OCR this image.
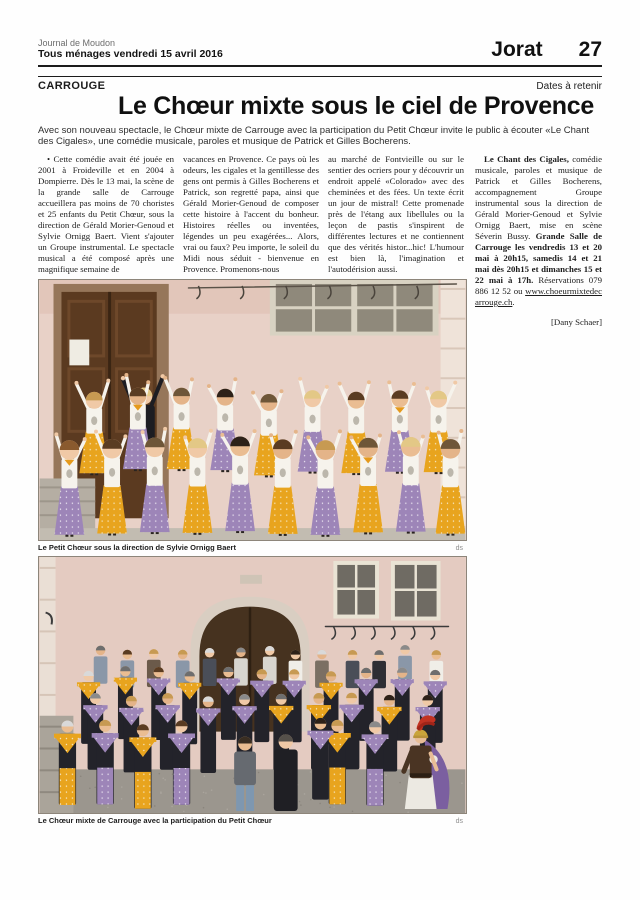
Journal de Moudon
Tous ménages vendredi 15 avril 2016	Jorat 27
CARROUGE	Dates à retenir
Le Chœur mixte sous le ciel de Provence

Avec son nouveau spectacle, le Chœur mixte de Carrouge avec la participation du Petit Chœur invite le public à écouter «Le Chant des Cigales», une comédie musicale, paroles et musique de Patrick et Gilles Bocherens.

• Cette comédie avait été jouée en 2001 à Froideville et en 2004 à Dompierre. Dès le 13 mai, la scène de la grande salle de Carrouge accueillera pas moins de 70 choristes et 25 enfants du Petit Chœur, sous la direction de Gérald Morier-Genoud et Sylvie Ornigg Baert. Vient s'ajouter un Groupe instrumental. Le spectacle musical a été composé après une magnifique semaine de

vacances en Provence. Ce pays où les odeurs, les cigales et la gentillesse des gens ont permis à Gilles Bocherens et Patrick, son regretté papa, ainsi que Gérald Morier-Genoud de composer cette histoire à l'accent du bonheur. Histoires réelles ou inventées, légendes un peu exagérées... Alors, vrai ou faux? Peu importe, le soleil du Midi nous séduit - bienvenue en Provence. Promenons-nous

au marché de Fontvieille ou sur le sentier des ocriers pour y découvrir un endroit appelé «Colorado» avec des cheminées et des fées. Un texte écrit un jour de mistral! Cette promenade près de l'étang aux libellules ou la leçon de pastis s'inspirent de différentes lectures et ne contiennent que des vérités histor...hic! L'humour est bien là, l'imagination et l'autodérision aussi.

Le Petit Chœur sous la direction de Sylvie Ornigg Baert	ds
Le Chœur mixte de Carrouge avec la participation du Petit Chœur	ds

Le Chant des Cigales, comédie musicale, paroles et musique de Patrick et Gilles Bocherens, accompagnement Groupe instrumental sous la direction de Gérald Morier-Genoud et Sylvie Ornigg Baert, mise en scène Séverin Bussy. Grande Salle de Carrouge les vendredis 13 et 20 mai à 20h15, samedis 14 et 21 mai dès 20h15 et dimanches 15 et 22 mai à 17h. Réservations 079 886 12 52 ou www.choeurmixtedecarrouge.ch.

[Dany Schaer]
